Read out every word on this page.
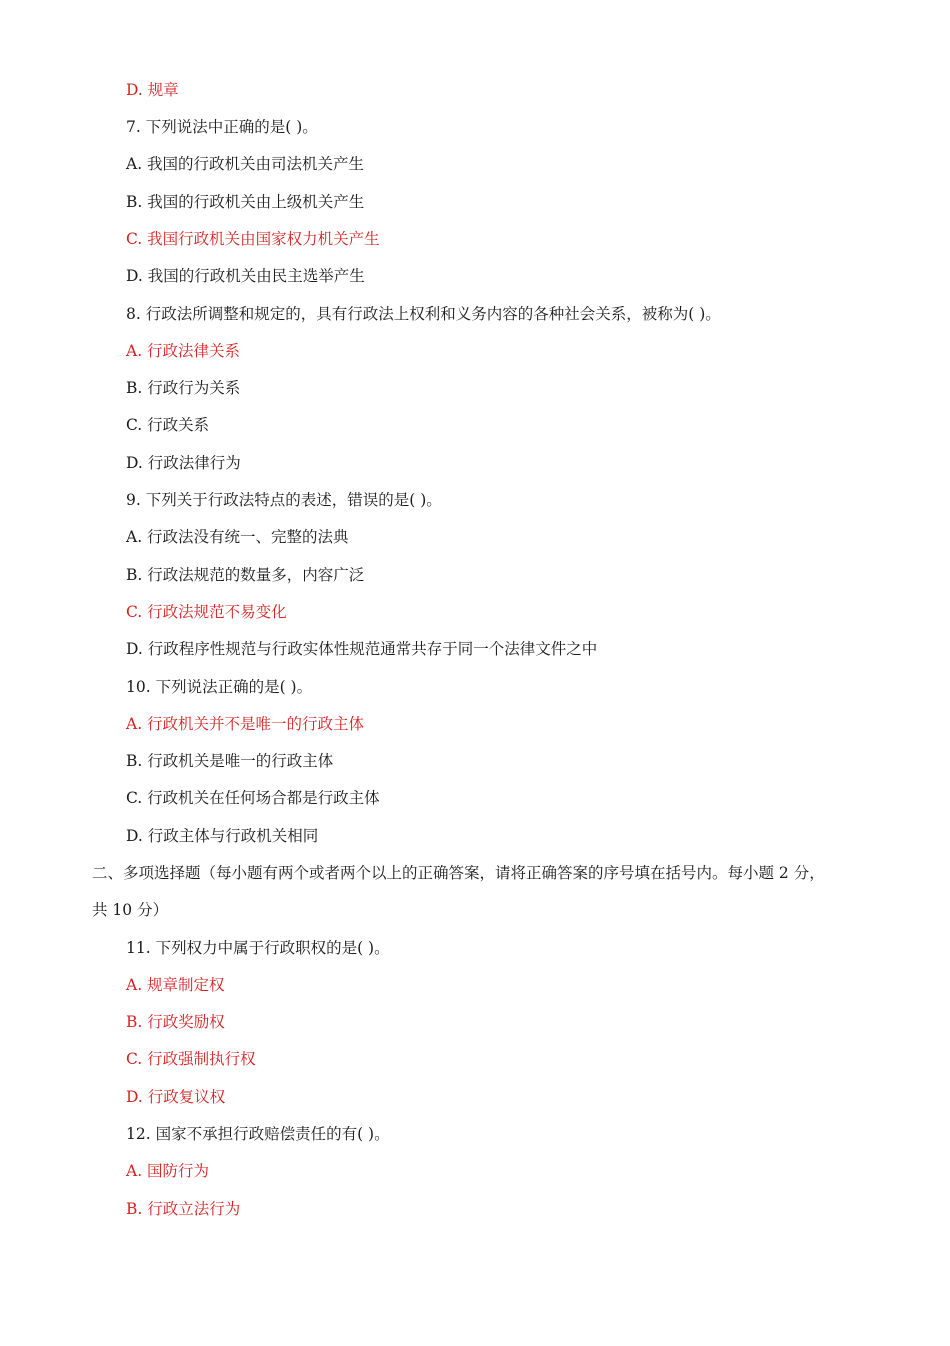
D. 规章
7. 下列说法中正确的是( )。
A. 我国的行政机关由司法机关产生
B. 我国的行政机关由上级机关产生
C. 我国行政机关由国家权力机关产生
D. 我国的行政机关由民主选举产生
8. 行政法所调整和规定的，具有行政法上权利和义务内容的各种社会关系，被称为( )。
A. 行政法律关系
B. 行政行为关系
C. 行政关系
D. 行政法律行为
9. 下列关于行政法特点的表述，错误的是( )。
A. 行政法没有统一、完整的法典
B. 行政法规范的数量多，内容广泛
C. 行政法规范不易变化
D. 行政程序性规范与行政实体性规范通常共存于同一个法律文件之中
10. 下列说法正确的是( )。
A. 行政机关并不是唯一的行政主体
B. 行政机关是唯一的行政主体
C. 行政机关在任何场合都是行政主体
D. 行政主体与行政机关相同
二、多项选择题（每小题有两个或者两个以上的正确答案，请将正确答案的序号填在括号内。每小题 2 分，
共 10 分）
11. 下列权力中属于行政职权的是( )。
A. 规章制定权
B. 行政奖励权
C. 行政强制执行权
D. 行政复议权
12. 国家不承担行政赔偿责任的有( )。
A. 国防行为
B. 行政立法行为
